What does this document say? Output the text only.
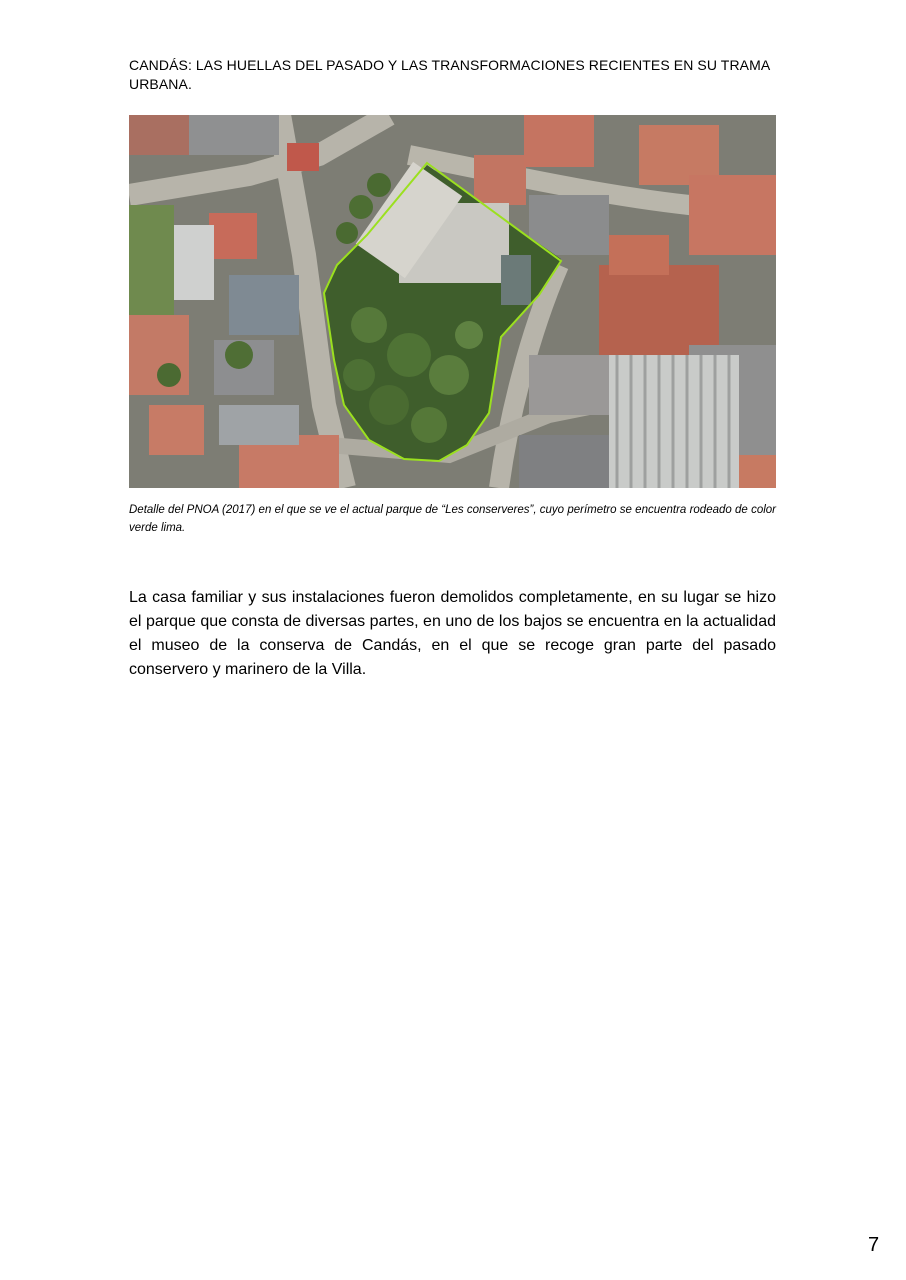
CANDÁS: LAS HUELLAS DEL PASADO Y LAS TRANSFORMACIONES RECIENTES EN SU TRAMA URBANA.
Detalle del PNOA (2017) en el que se ve el actual parque de “Les conserveres”, cuyo perímetro se encuentra rodeado de color verde lima.
La casa familiar y sus instalaciones fueron demolidos completamente, en su lugar se hizo el parque que consta de diversas partes, en uno de los bajos se encuentra en la actualidad el museo de la conserva de Candás, en el que se recoge gran parte del pasado conservero y marinero de la Villa.
7
